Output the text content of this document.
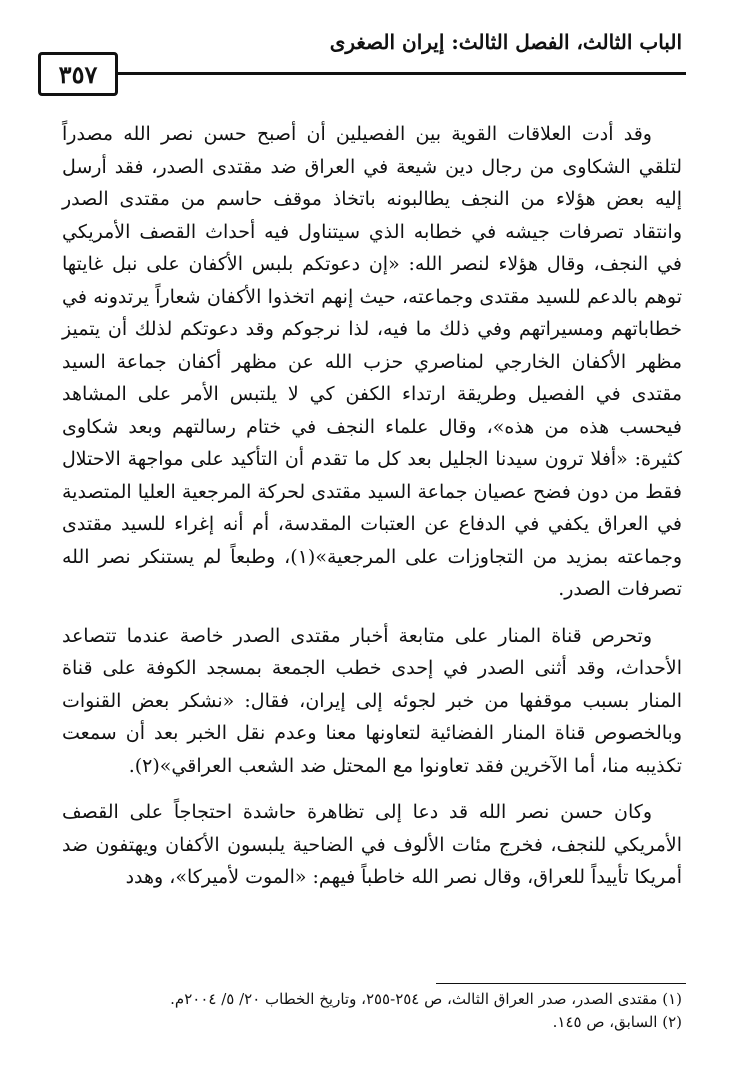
الباب الثالث، الفصل الثالث: إيران الصغرى
٣٥٧

وقد أدت العلاقات القوية بين الفصيلين أن أصبح حسن نصر الله مصدراً لتلقي الشكاوى من رجال دين شيعة في العراق ضد مقتدى الصدر، فقد أرسل إليه بعض هؤلاء من النجف يطالبونه باتخاذ موقف حاسم من مقتدى الصدر وانتقاد تصرفات جيشه في خطابه الذي سيتناول فيه أحداث القصف الأمريكي في النجف، وقال هؤلاء لنصر الله: «إن دعوتكم بلبس الأكفان على نبل غايتها توهم بالدعم للسيد مقتدى وجماعته، حيث إنهم اتخذوا الأكفان شعاراً يرتدونه في خطاباتهم ومسيراتهم وفي ذلك ما فيه، لذا نرجوكم وقد دعوتكم لذلك أن يتميز مظهر الأكفان الخارجي لمناصري حزب الله عن مظهر أكفان جماعة السيد مقتدى في الفصيل وطريقة ارتداء الكفن كي لا يلتبس الأمر على المشاهد فيحسب هذه من هذه»، وقال علماء النجف في ختام رسالتهم وبعد شكاوى كثيرة: «أفلا ترون سيدنا الجليل بعد كل ما تقدم أن التأكيد على مواجهة الاحتلال فقط من دون فضح عصيان جماعة السيد مقتدى لحركة المرجعية العليا المتصدية في العراق يكفي في الدفاع عن العتبات المقدسة، أم أنه إغراء للسيد مقتدى وجماعته بمزيد من التجاوزات على المرجعية»(١)، وطبعاً لم يستنكر نصر الله تصرفات الصدر.

وتحرص قناة المنار على متابعة أخبار مقتدى الصدر خاصة عندما تتصاعد الأحداث، وقد أثنى الصدر في إحدى خطب الجمعة بمسجد الكوفة على قناة المنار بسبب موقفها من خبر لجوئه إلى إيران، فقال: «نشكر بعض القنوات وبالخصوص قناة المنار الفضائية لتعاونها معنا وعدم نقل الخبر بعد أن سمعت تكذيبه منا، أما الآخرين فقد تعاونوا مع المحتل ضد الشعب العراقي»(٢).

وكان حسن نصر الله قد دعا إلى تظاهرة حاشدة احتجاجاً على القصف الأمريكي للنجف، فخرج مئات الألوف في الضاحية يلبسون الأكفان ويهتفون ضد أمريكا تأييداً للعراق، وقال نصر الله خاطباً فيهم: «الموت لأميركا»، وهدد

(١) مقتدى الصدر، صدر العراق الثالث، ص ٢٥٤-٢٥٥، وتاريخ الخطاب ٢٠/ ٥/ ٢٠٠٤م.

(٢) السابق، ص ١٤٥.
